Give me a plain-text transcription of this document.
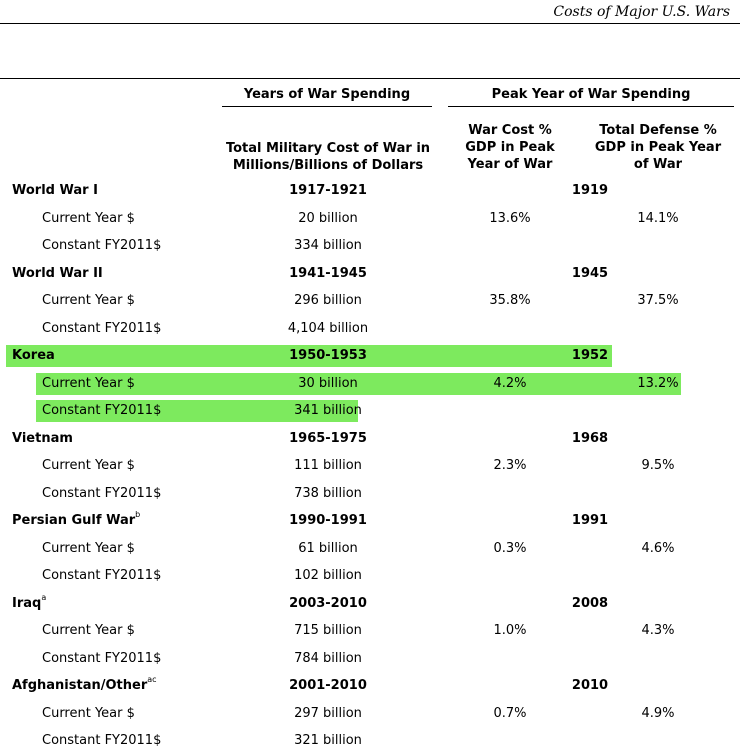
Costs of Major U.S. Wars
Years of War Spending	Peak Year of War Spending
Total Military Cost of War in Millions/Billions of Dollars
War Cost % GDP in Peak Year of War
Total Defense % GDP in Peak Year of War
World War I	1917-1921	1919
Current Year $	20 billion	13.6%	14.1%
Constant FY2011$	334 billion
World War II	1941-1945	1945
Current Year $	296 billion	35.8%	37.5%
Constant FY2011$	4,104 billion
Korea	1950-1953	1952
Current Year $	30 billion	4.2%	13.2%
Constant FY2011$	341 billion
Vietnam	1965-1975	1968
Current Year $	111 billion	2.3%	9.5%
Constant FY2011$	738 billion
Persian Gulf War$^b$	1990-1991	1991
Current Year $	61 billion	0.3%	4.6%
Constant FY2011$	102 billion
Iraq$^a$	2003-2010	2008
Current Year $	715 billion	1.0%	4.3%
Constant FY2011$	784 billion
Afghanistan/Other$^{ac}$	2001-2010	2010
Current Year $	297 billion	0.7%	4.9%
Constant FY2011$	321 billion
